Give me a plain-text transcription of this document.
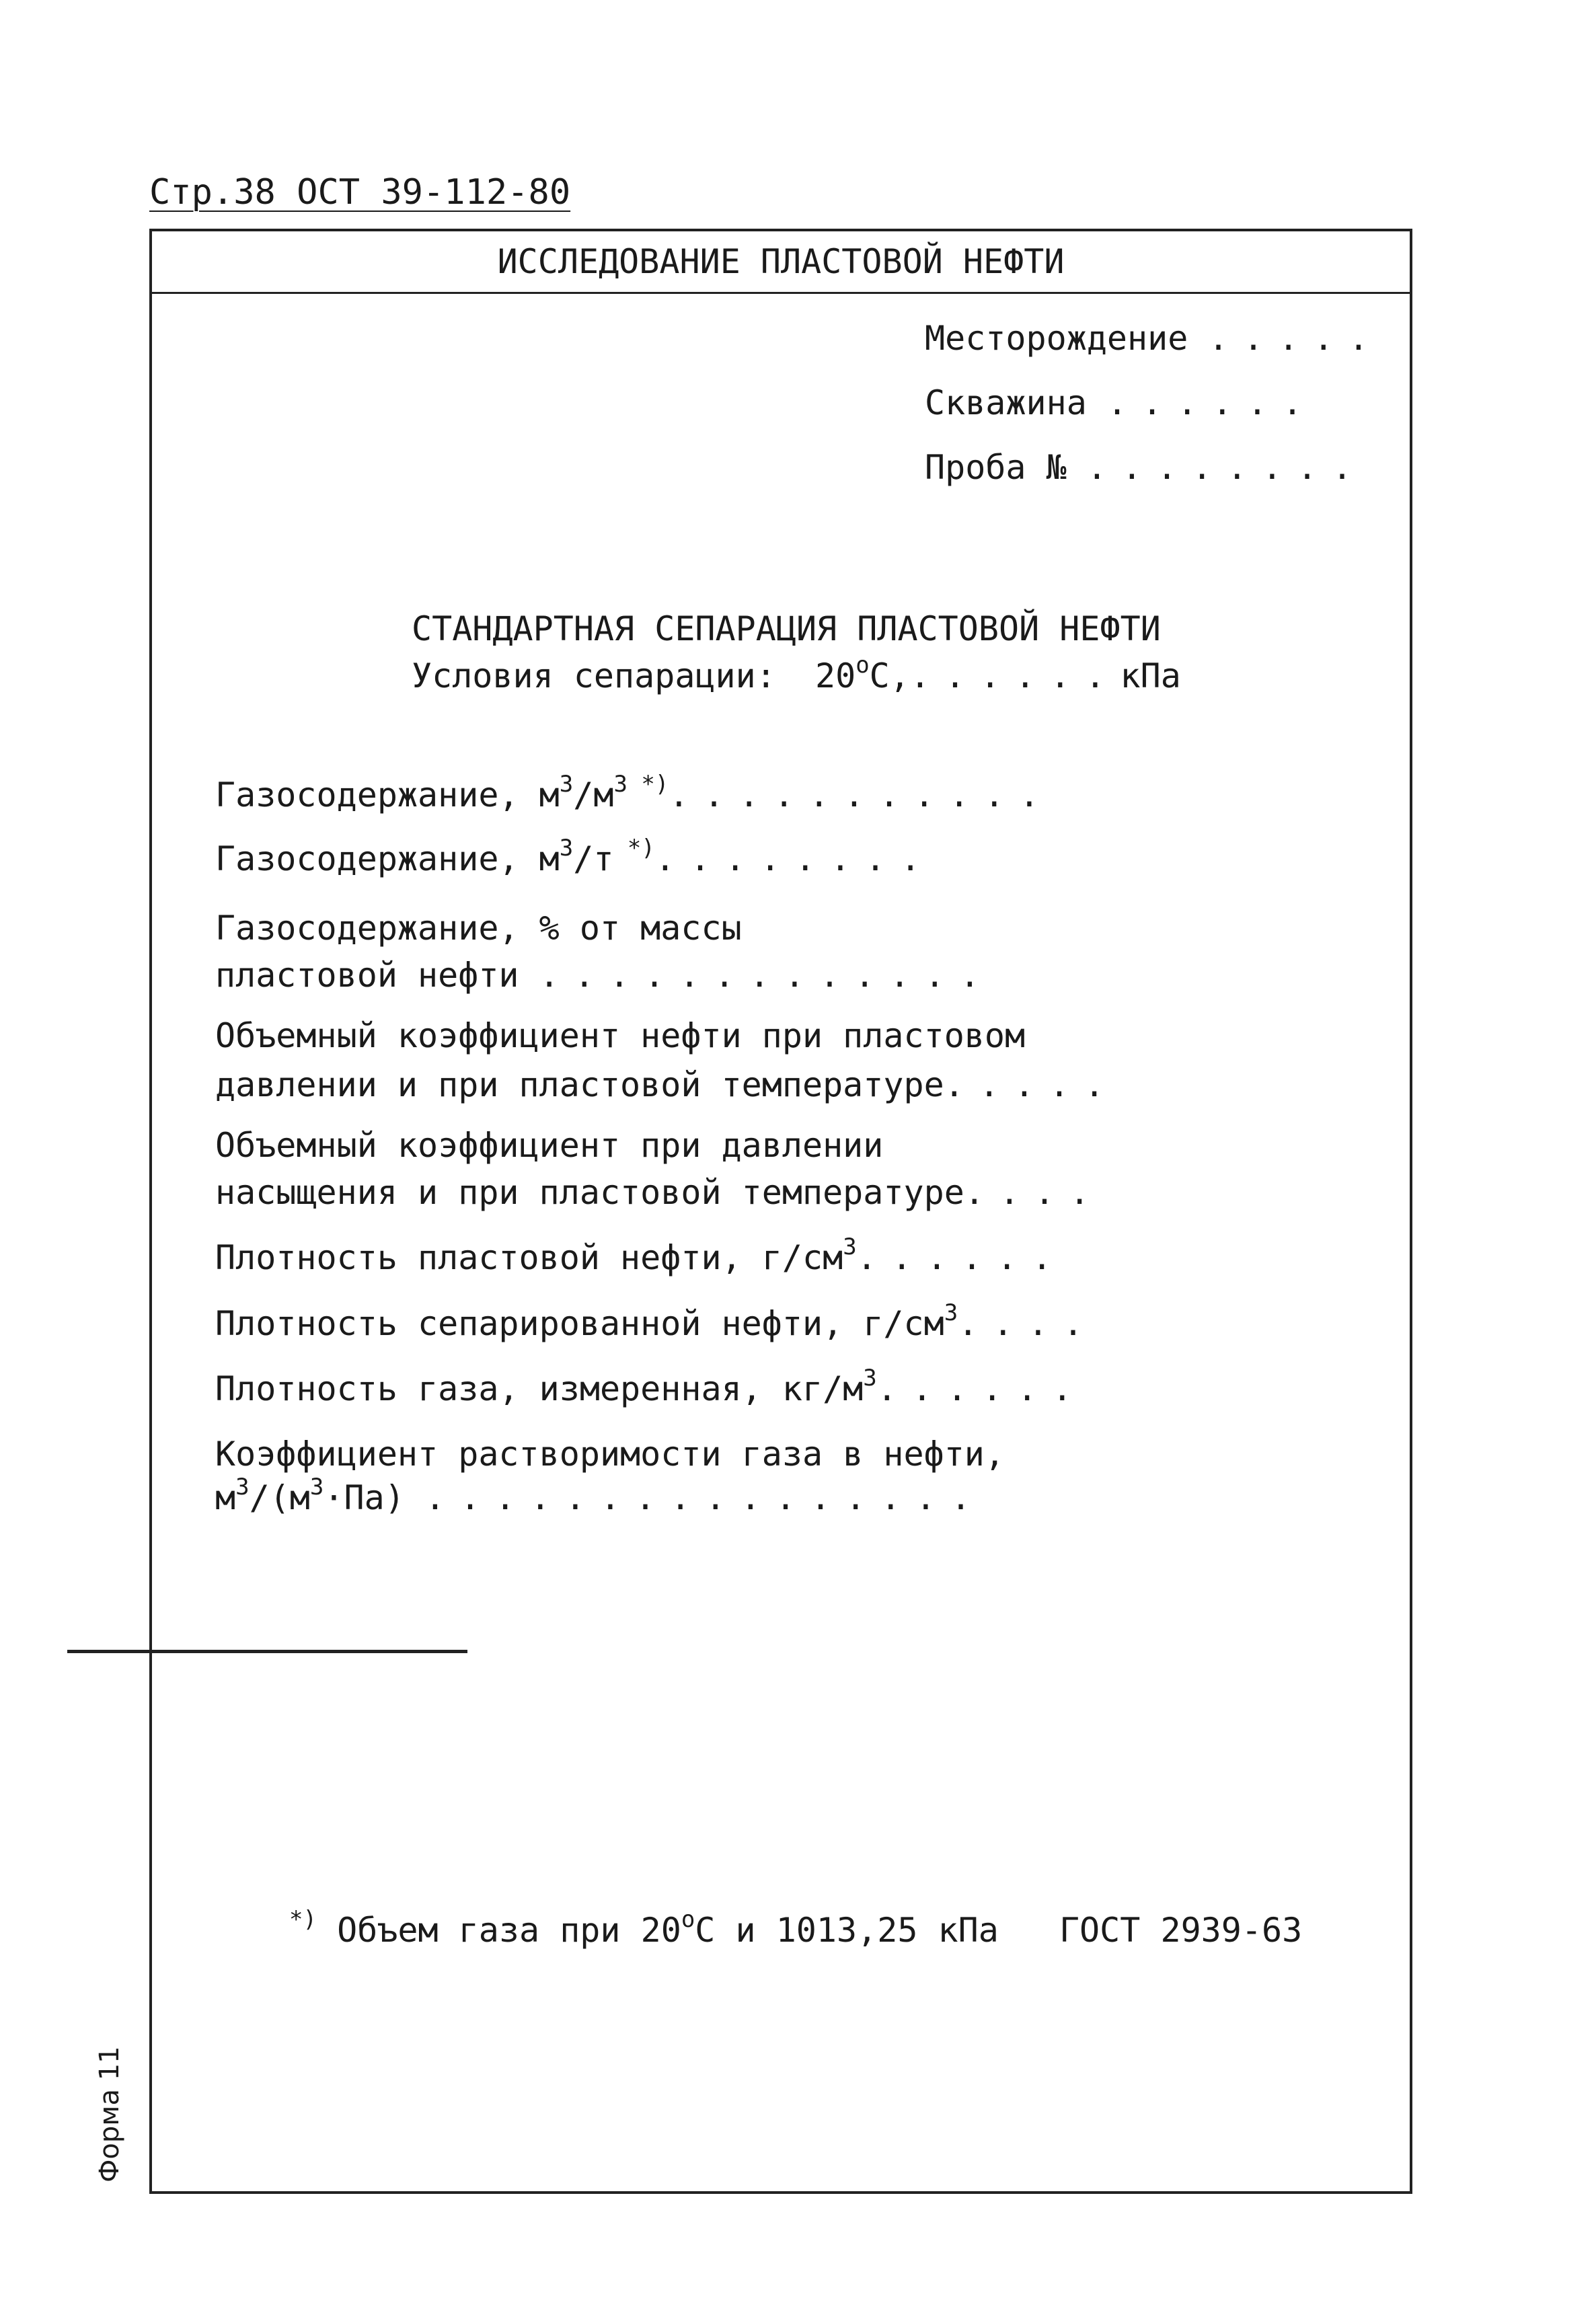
Стр.38 ОСТ 39-112-80
ИССЛЕДОВАНИЕ ПЛАСТОВОЙ НЕФТИ
Месторождение .....
Скважина ......
Проба № ........
СТАНДАРТНАЯ СЕПАРАЦИЯ ПЛАСТОВОЙ НЕФТИ
Условия сепарации: $20^оС,......кПа$
Газосодержание, $м^3/м^3$ *)...........
Газосодержание, $м^3/т$ *)........
Газосодержание, % от массы
пластовой нефти .............
Объемный коэффициент нефти при пластовом
давлении и при пластовой температуре.....
Объемный коэффициент при давлении
насыщения и при пластовой температуре....
Плотность пластовой нефти, $г/см^3$......
Плотность сепарированной нефти, $г/см^3$....
Плотность газа, измеренная, $кг/м^3$......
Коэффициент растворимости газа в нефти,
$м^3/(м^3\cdot Па)$ ................
*) Объем газа при $20^оС$ и 1013,25 кПа ГОСТ 2939-63
Форма 11
